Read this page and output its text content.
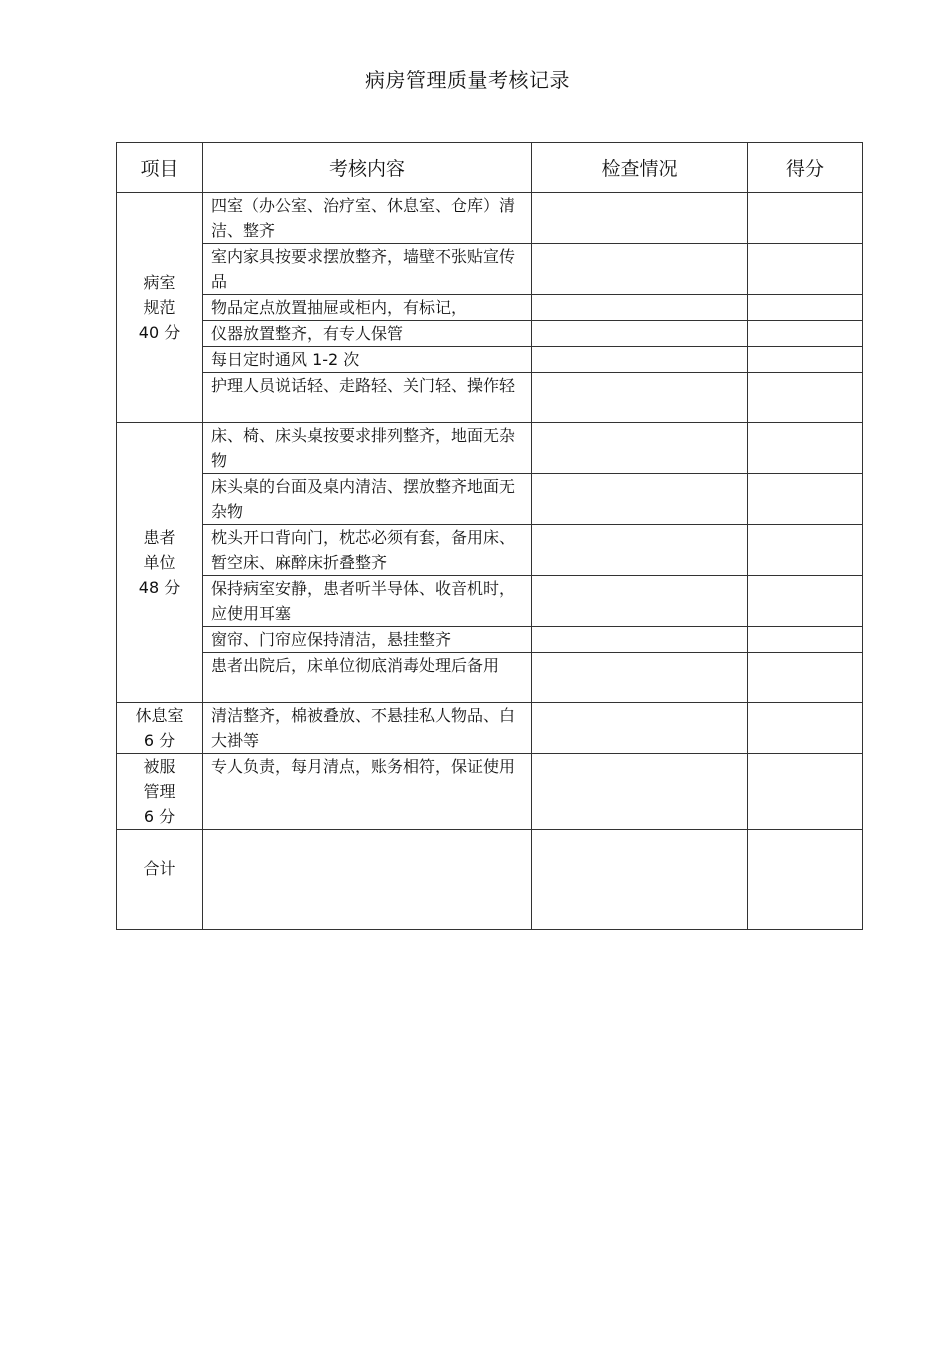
病房管理质量考核记录
项目	考核内容	检查情况	得分

病室
规范
40 分	四室（办公室、治疗室、休息室、仓库）清洁、整齐		
	室内家具按要求摆放整齐，墙壁不张贴宣传品		
	物品定点放置抽屉或柜内，有标记，		
	仪器放置整齐，有专人保管		
	每日定时通风 1-2 次		
	护理人员说话轻、走路轻、关门轻、操作轻		

患者
单位
48 分	床、椅、床头桌按要求排列整齐，地面无杂物		
	床头桌的台面及桌内清洁、摆放整齐地面无杂物		
	枕头开口背向门，枕芯必须有套，备用床、暂空床、麻醉床折叠整齐		
	保持病室安静，患者听半导体、收音机时，应使用耳塞		
	窗帘、门帘应保持清洁，悬挂整齐		
	患者出院后，床单位彻底消毒处理后备用		

休息室
6 分	清洁整齐，棉被叠放、不悬挂私人物品、白大褂等		

被服
管理
6 分	专人负责，每月清点，账务相符，保证使用		
合计			
